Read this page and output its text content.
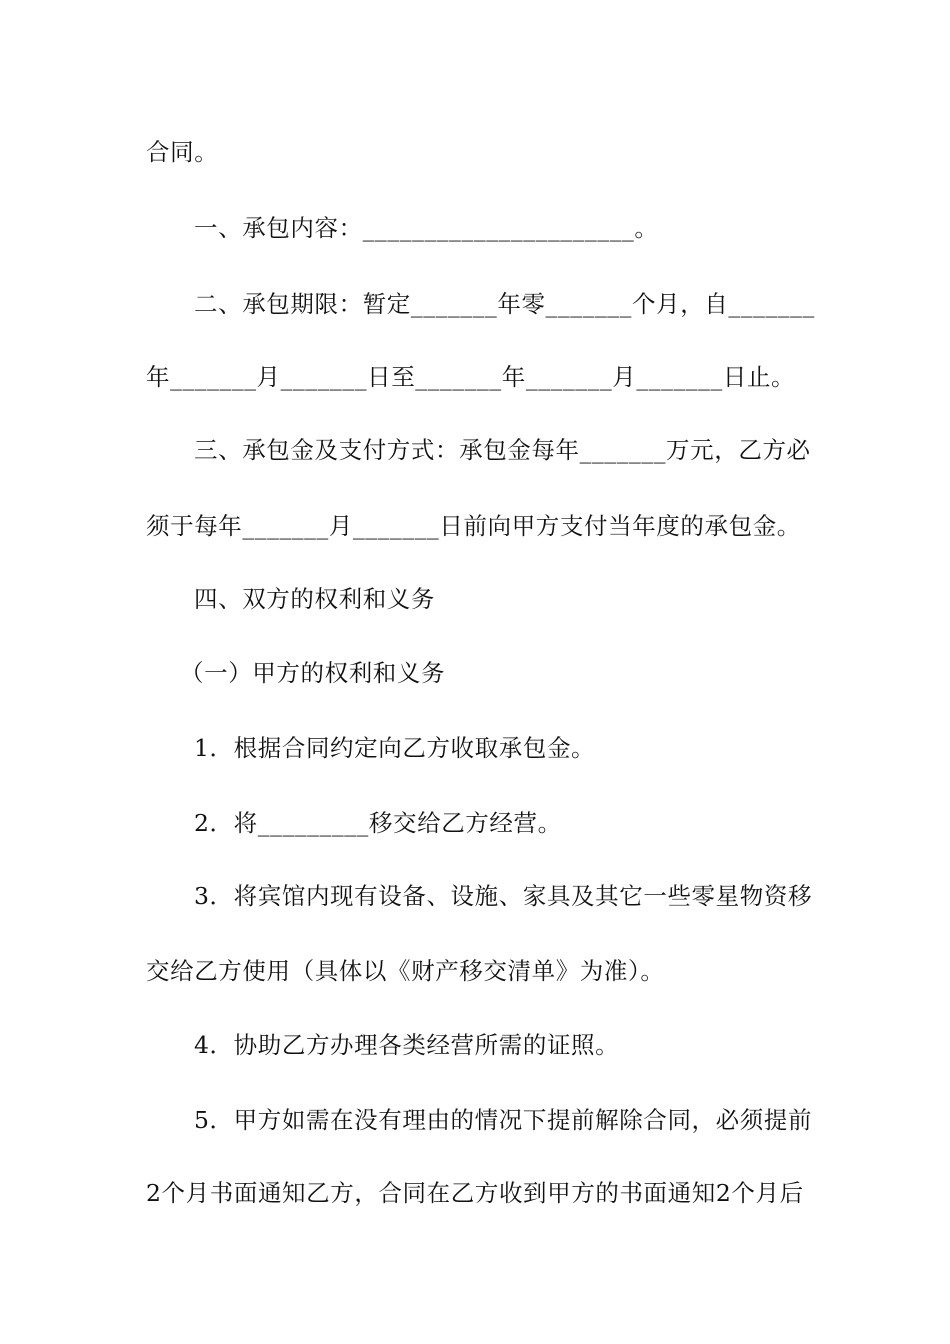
合同。
一、承包内容：______________________。
二、承包期限：暂定_______年零_______个月，自_______
年_______月_______日至_______年_______月_______日止。
三、承包金及支付方式：承包金每年_______万元，乙方必
须于每年_______月_______日前向甲方支付当年度的承包金。
四、双方的权利和义务
（一）甲方的权利和义务
1．根据合同约定向乙方收取承包金。
2．将_________移交给乙方经营。
3．将宾馆内现有设备、设施、家具及其它一些零星物资移
交给乙方使用（具体以《财产移交清单》为准）。
4．协助乙方办理各类经营所需的证照。
5．甲方如需在没有理由的情况下提前解除合同，必须提前
2个月书面通知乙方，合同在乙方收到甲方的书面通知2个月后
